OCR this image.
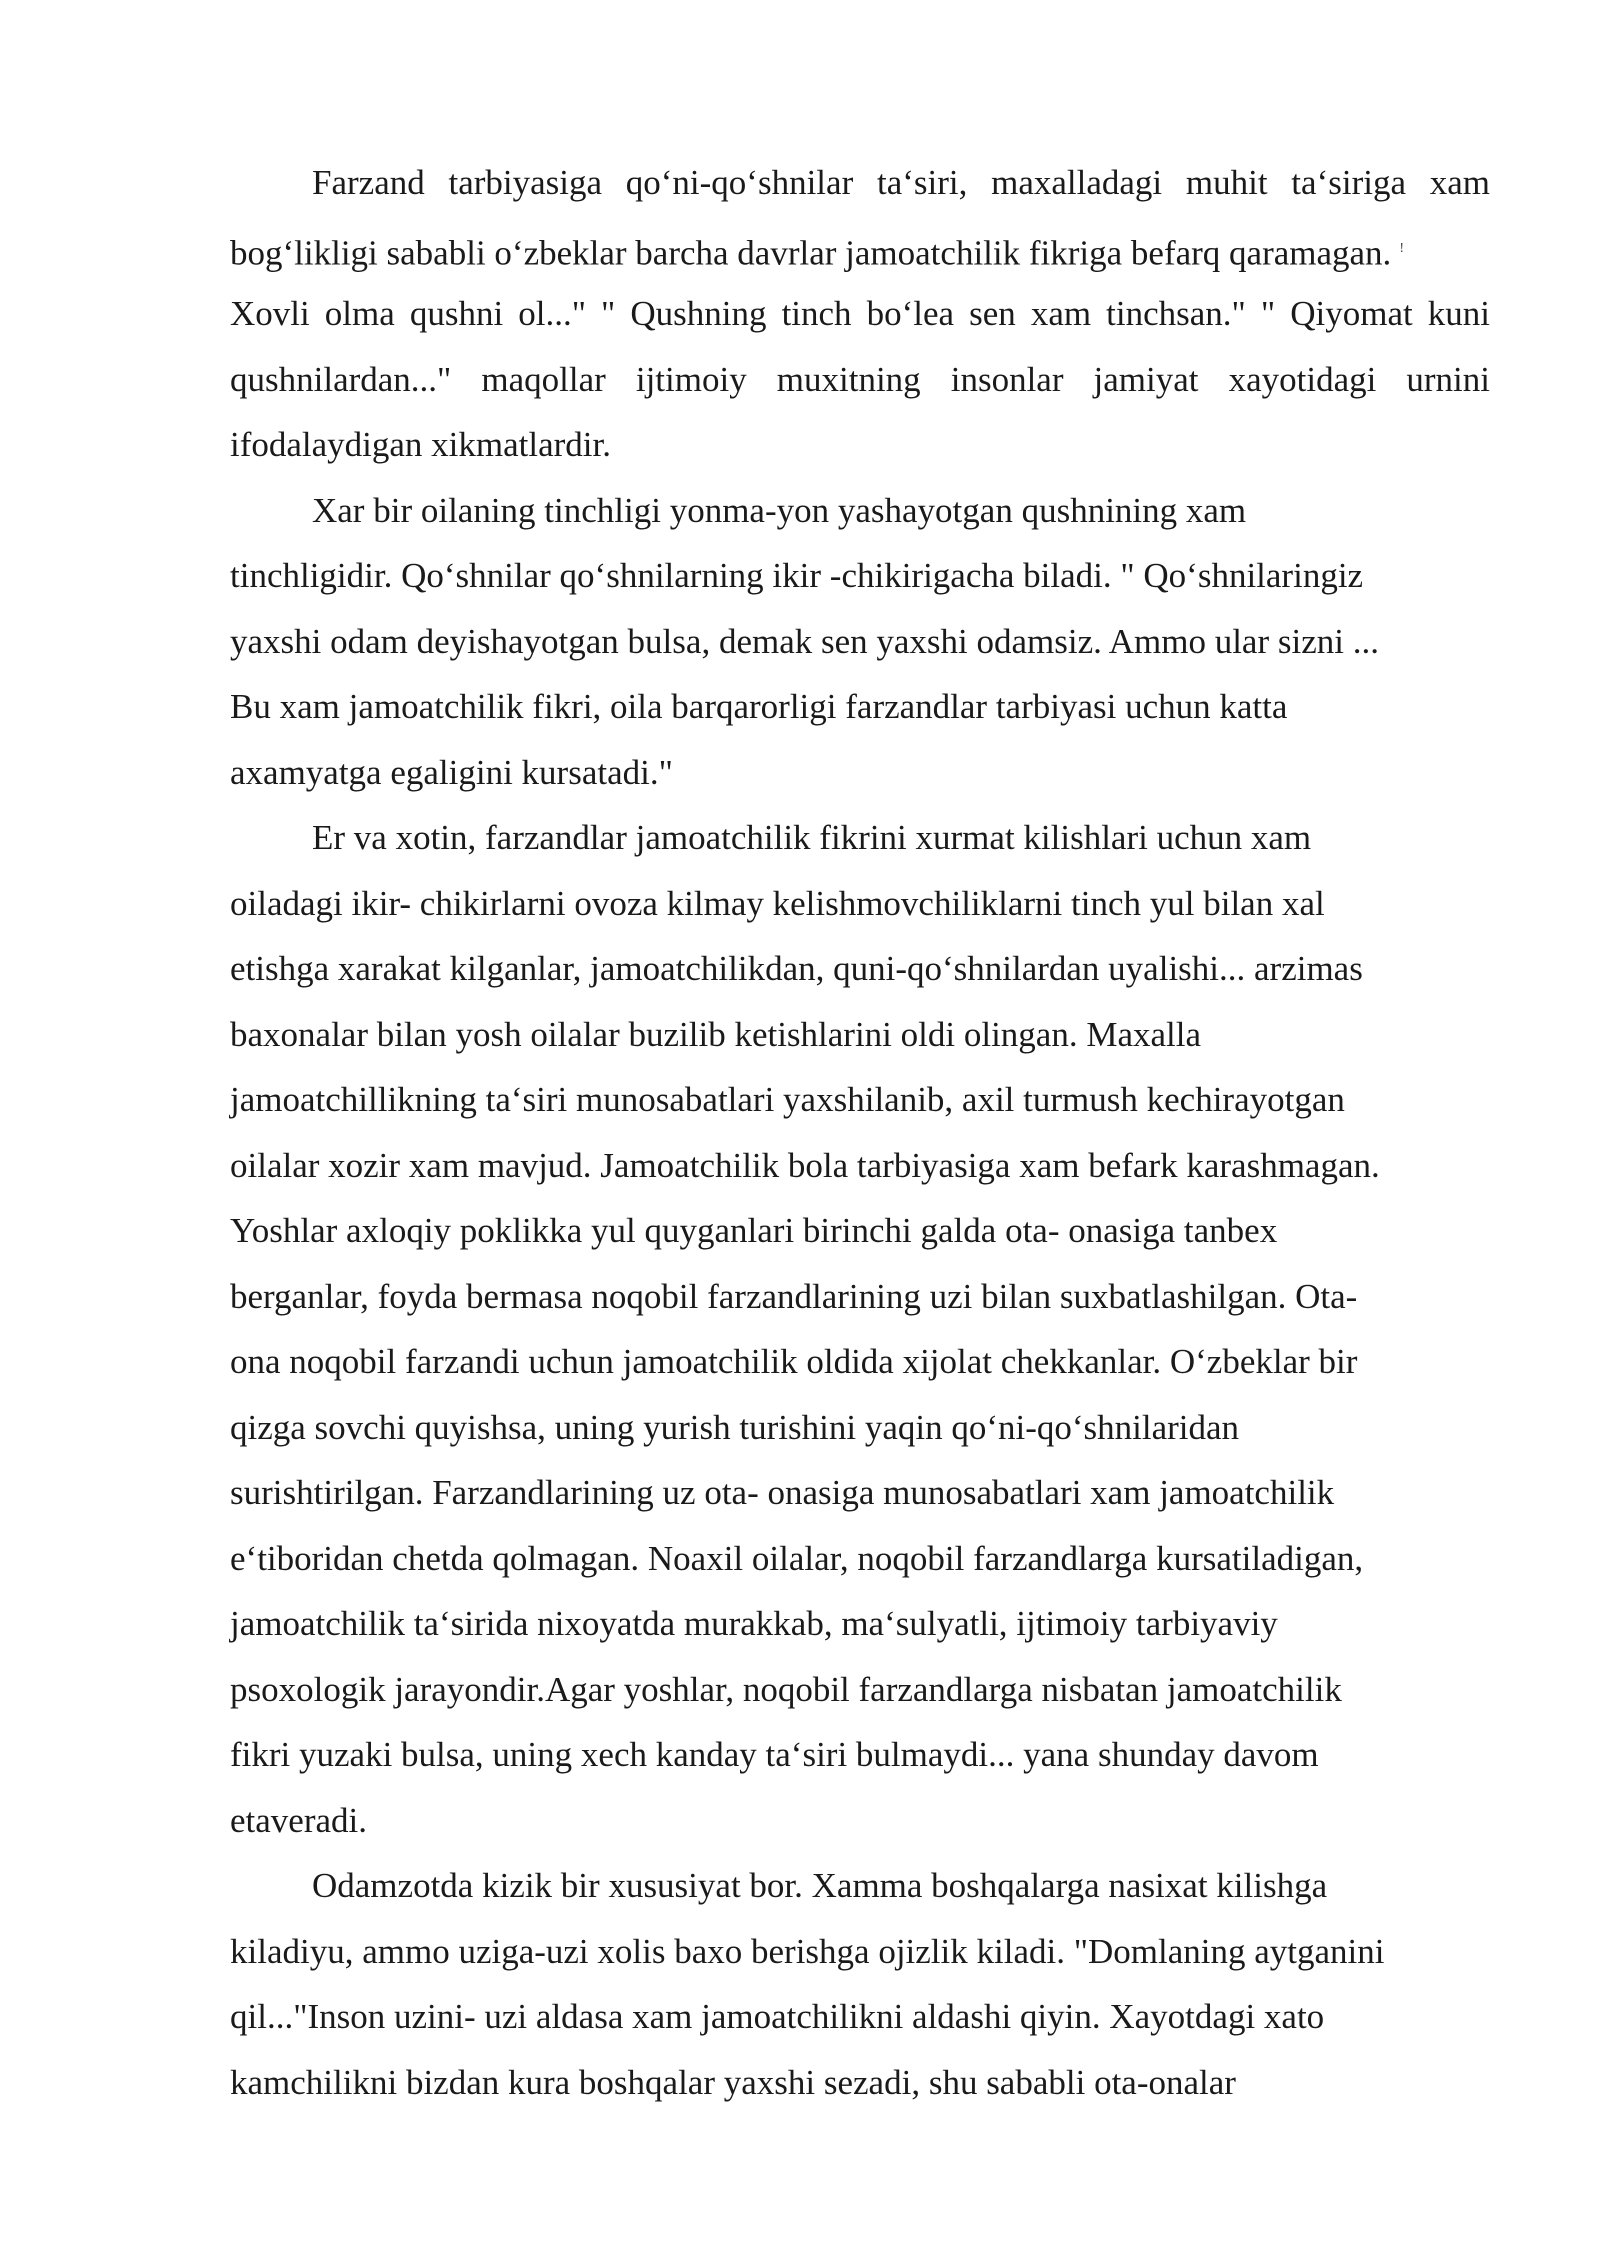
Farzand tarbiyasiga qo‘ni-qo‘shnilar ta‘siri, maxalladagi muhit ta‘siriga xam
bog‘likligi sababli o‘zbeklar barcha davrlar jamoatchilik fikriga befarq qaramagan. !
Xovli olma qushni ol..." " Qushning tinch bo‘lea sen xam tinchsan." " Qiyomat kuni
qushnilardan..." maqollar ijtimoiy muxitning insonlar jamiyat xayotidagi urnini
ifodalaydigan xikmatlardir.
Xar bir oilaning tinchligi yonma-yon yashayotgan qushnining xam
tinchligidir. Qo‘shnilar qo‘shnilarning ikir -chikirigacha biladi. " Qo‘shnilaringiz
yaxshi odam deyishayotgan bulsa, demak sen yaxshi odamsiz. Ammo ular sizni ...
Bu xam jamoatchilik fikri, oila barqarorligi farzandlar tarbiyasi uchun katta
axamyatga egaligini kursatadi."
Er va xotin, farzandlar jamoatchilik fikrini xurmat kilishlari uchun xam
oiladagi ikir- chikirlarni ovoza kilmay kelishmovchiliklarni tinch yul bilan xal
etishga xarakat kilganlar, jamoatchilikdan, quni-qo‘shnilardan uyalishi... arzimas
baxonalar bilan yosh oilalar buzilib ketishlarini oldi olingan. Maxalla
jamoatchillikning ta‘siri munosabatlari yaxshilanib, axil turmush kechirayotgan
oilalar xozir xam mavjud. Jamoatchilik bola tarbiyasiga xam befark karashmagan.
Yoshlar axloqiy poklikka yul quyganlari birinchi galda ota- onasiga tanbex
berganlar, foyda bermasa noqobil farzandlarining uzi bilan suxbatlashilgan. Ota-
ona noqobil farzandi uchun jamoatchilik oldida xijolat chekkanlar. O‘zbeklar bir
qizga sovchi quyishsa, uning yurish turishini yaqin qo‘ni-qo‘shnilaridan
surishtirilgan. Farzandlarining uz ota- onasiga munosabatlari xam jamoatchilik
e‘tiboridan chetda qolmagan. Noaxil oilalar, noqobil farzandlarga kursatiladigan,
jamoatchilik ta‘sirida nixoyatda murakkab, ma‘sulyatli, ijtimoiy tarbiyaviy
psoxologik jarayondir.Agar yoshlar, noqobil farzandlarga nisbatan jamoatchilik
fikri yuzaki bulsa, uning xech kanday ta‘siri bulmaydi... yana shunday davom
etaveradi.
Odamzotda kizik bir xususiyat bor. Xamma boshqalarga nasixat kilishga
kiladiyu, ammo uziga-uzi xolis baxo berishga ojizlik kiladi. "Domlaning aytganini
qil..."Inson uzini- uzi aldasa xam jamoatchilikni aldashi qiyin. Xayotdagi xato
kamchilikni bizdan kura boshqalar yaxshi sezadi, shu sababli ota-onalar
